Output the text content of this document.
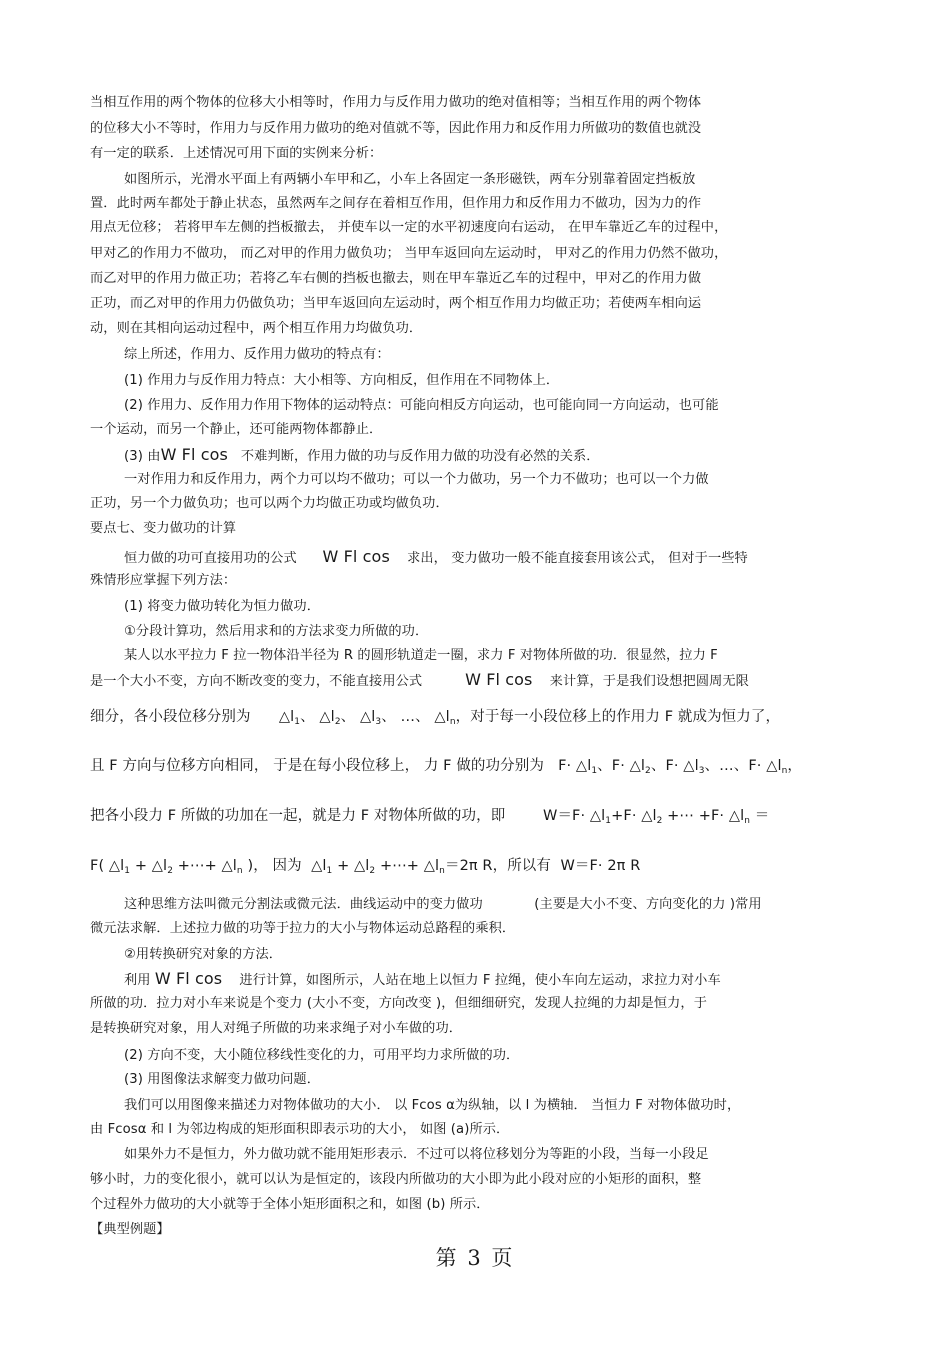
当相互作用的两个物体的位移大小相等时，作用力与反作用力做功的绝对值相等；当相互作用的两个物体
的位移大小不等时，作用力与反作用力做功的绝对值就不等，因此作用力和反作用力所做功的数值也就没
有一定的联系．上述情况可用下面的实例来分析：
如图所示，光滑水平面上有两辆小车甲和乙，小车上各固定一条形磁铁，两车分别靠着固定挡板放
置．此时两车都处于静止状态，虽然两车之间存在着相互作用，但作用力和反作用力不做功，因为力的作
用点无位移； 若将甲车左侧的挡板撤去， 并使车以一定的水平初速度向右运动， 在甲车靠近乙车的过程中，
甲对乙的作用力不做功， 而乙对甲的作用力做负功； 当甲车返回向左运动时， 甲对乙的作用力仍然不做功，
而乙对甲的作用力做正功；若将乙车右侧的挡板也撤去，则在甲车靠近乙车的过程中，甲对乙的作用力做
正功，而乙对甲的作用力仍做负功；当甲车返回向左运动时，两个相互作用力均做正功；若使两车相向运
动，则在其相向运动过程中，两个相互作用力均做负功．
综上所述，作用力、反作用力做功的特点有：
(1) 作用力与反作用力特点：大小相等、方向相反，但作用在不同物体上．
(2) 作用力、反作用力作用下物体的运动特点：可能向相反方向运动，也可能向同一方向运动，也可能
一个运动，而另一个静止，还可能两物体都静止．
(3) 由W Fl cos 不难判断，作用力做的功与反作用力做的功没有必然的关系．
一对作用力和反作用力，两个力可以均不做功；可以一个力做功，另一个力不做功；也可以一个力做
正功，另一个力做负功；也可以两个力均做正功或均做负功．
要点七、变力做功的计算
恒力做的功可直接用功的公式 W Fl cos 求出， 变力做功一般不能直接套用该公式， 但对于一些特
殊情形应掌握下列方法：
(1) 将变力做功转化为恒力做功．
①分段计算功，然后用求和的方法求变力所做的功．
某人以水平拉力 F 拉一物体沿半径为 R 的圆形轨道走一圈，求力 F 对物体所做的功．很显然，拉力 F
是一个大小不变，方向不断改变的变力，不能直接用公式	W Fl cos 来计算，于是我们设想把圆周无限
细分，各小段位移分别为 $\triangle l_1$、 $\triangle l_2$、 $\triangle l_3$、 …、 $\triangle l_n$，对于每一小段位移上的作用力 F 就成为恒力了，
且 F 方向与位移方向相同， 于是在每小段位移上， 力 F 做的功分别为 $F\cdot \triangle l_1$、$F\cdot \triangle l_2$、$F\cdot \triangle l_3$、…、$F\cdot \triangle l_n$，
把各小段力 F 所做的功加在一起，就是力 F 对物体所做的功，即	$W=F\cdot \triangle l_1+F\cdot$ $\triangle l_2$ +⋯ $+F\cdot \triangle l_n$ ＝
F( $\triangle l_1$ + $\triangle l_2$ +⋯+ $\triangle l_n$ )， 因为 $\triangle l_1$ + $\triangle l_2$ +⋯+ $\triangle l_n=2\pi$ R，所以有 W＝F· 2π R
这种思维方法叫微元分割法或微元法．曲线运动中的变力做功	(主要是大小不变、方向变化的力 )常用
微元法求解．上述拉力做的功等于拉力的大小与物体运动总路程的乘积．
②用转换研究对象的方法．
利用 W Fl cos 进行计算，如图所示，人站在地上以恒力 F 拉绳，使小车向左运动，求拉力对小车
所做的功．拉力对小车来说是个变力 (大小不变，方向改变 )，但细细研究，发现人拉绳的力却是恒力，于
是转换研究对象，用人对绳子所做的功来求绳子对小车做的功．
(2) 方向不变，大小随位移线性变化的力，可用平均力求所做的功．
(3) 用图像法求解变力做功问题．
我们可以用图像来描述力对物体做功的大小． 以 Fcos α为纵轴，以 l 为横轴． 当恒力 F 对物体做功时，
由 Fcosα 和 l 为邻边构成的矩形面积即表示功的大小， 如图 (a)所示．
如果外力不是恒力，外力做功就不能用矩形表示．不过可以将位移划分为等距的小段，当每一小段足
够小时，力的变化很小，就可以认为是恒定的，该段内所做功的大小即为此小段对应的小矩形的面积，整
个过程外力做功的大小就等于全体小矩形面积之和，如图 (b) 所示．
【典型例题】
第 3 页
